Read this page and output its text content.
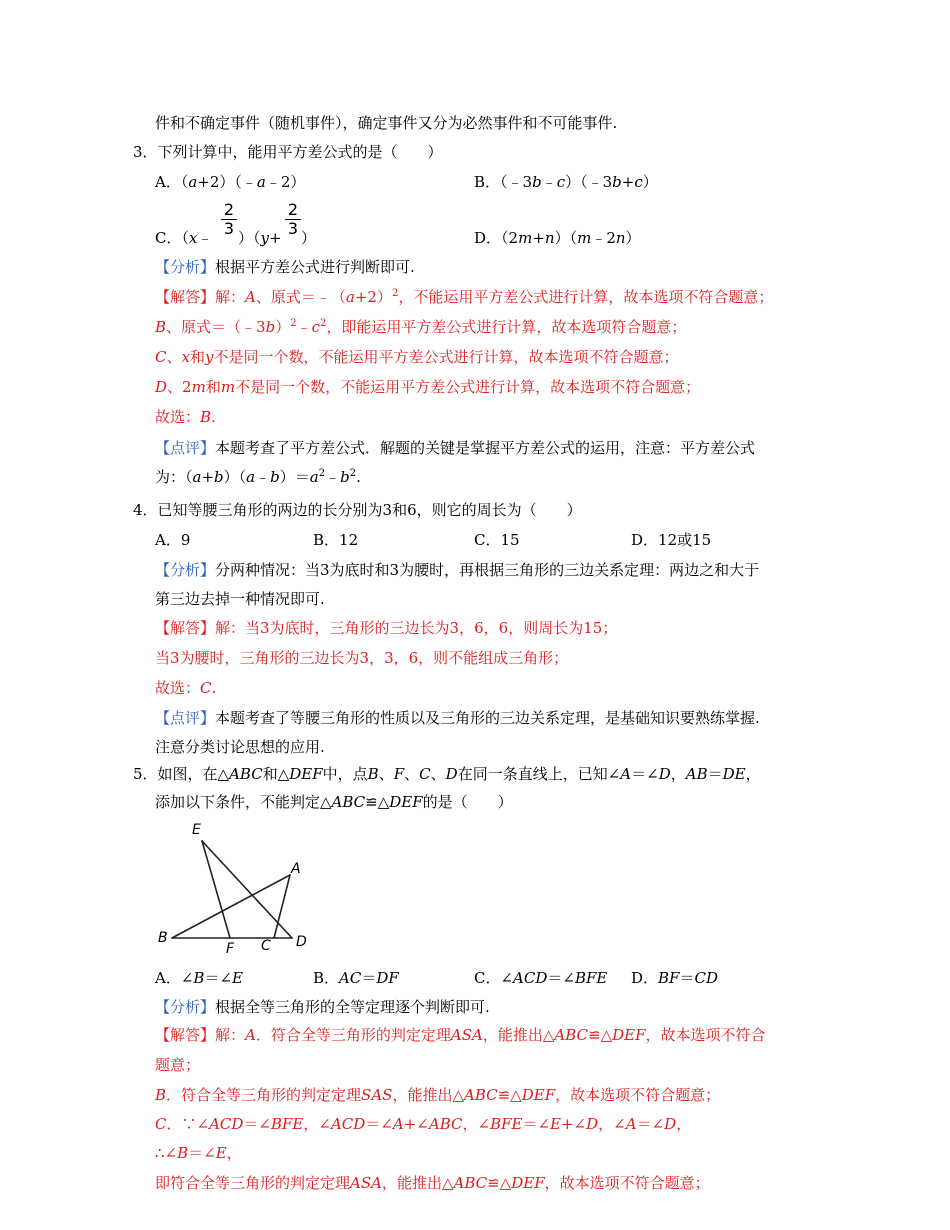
件和不确定事件（随机事件），确定事件又分为必然事件和不可能事件.
3．下列计算中，能用平方差公式的是（　　）
A．（a+2）（﹣a﹣2）	B．（﹣3b﹣c）（﹣3b+c）
C．（x﹣ $\frac{2}{3} )(y+ \frac{2}{3}$ ）	D．（2m+n）（m﹣2n）
【分析】根据平方差公式进行判断即可.
【解答】解：A、原式$=﹣(a+2)^2$，不能运用平方差公式进行计算，故本选项不符合题意；
B、原式$=(﹣3b)^2﹣c^2$，即能运用平方差公式进行计算，故本选项符合题意；
C、x和y不是同一个数，不能运用平方差公式进行计算，故本选项不符合题意；
D、2m和m不是同一个数，不能运用平方差公式进行计算，故本选项不符合题意；
故选：B.
【点评】本题考查了平方差公式．解题的关键是掌握平方差公式的运用，注意：平方差公式
为：$(a+b)(a﹣b)=a^2﹣b^2$.
4．已知等腰三角形的两边的长分别为3和6，则它的周长为（　　）
A．9	B．12	C．15	D．12或15
【分析】分两种情况：当3为底时和3为腰时，再根据三角形的三边关系定理：两边之和大于
第三边去掉一种情况即可.
【解答】解：当3为底时，三角形的三边长为3，6，6，则周长为15；
当3为腰时，三角形的三边长为3，3，6，则不能组成三角形；
故选：C.
【点评】本题考查了等腰三角形的性质以及三角形的三边关系定理，是基础知识要熟练掌握.
注意分类讨论思想的应用.
5．如图，在△ABC和△DEF中，点B、F、C、D在同一条直线上，已知∠A＝∠D，AB＝DE，
添加以下条件，不能判定△ABC≌△DEF的是（　　）
E
A
B
F C D
A．∠B＝∠E	B．AC＝DF	C．∠ACD＝∠BFE D．BF＝CD
【分析】根据全等三角形的全等定理逐个判断即可.
【解答】解：A．符合全等三角形的判定定理ASA，能推出△ABC≌△DEF，故本选项不符合
题意；
B．符合全等三角形的判定定理SAS，能推出△ABC≌△DEF，故本选项不符合题意；
C．∵∠ACD＝∠BFE，∠ACD＝∠A+∠ABC，∠BFE＝∠E+∠D，∠A＝∠D，
∴∠B＝∠E，
即符合全等三角形的判定定理ASA，能推出△ABC≌△DEF，故本选项不符合题意；
